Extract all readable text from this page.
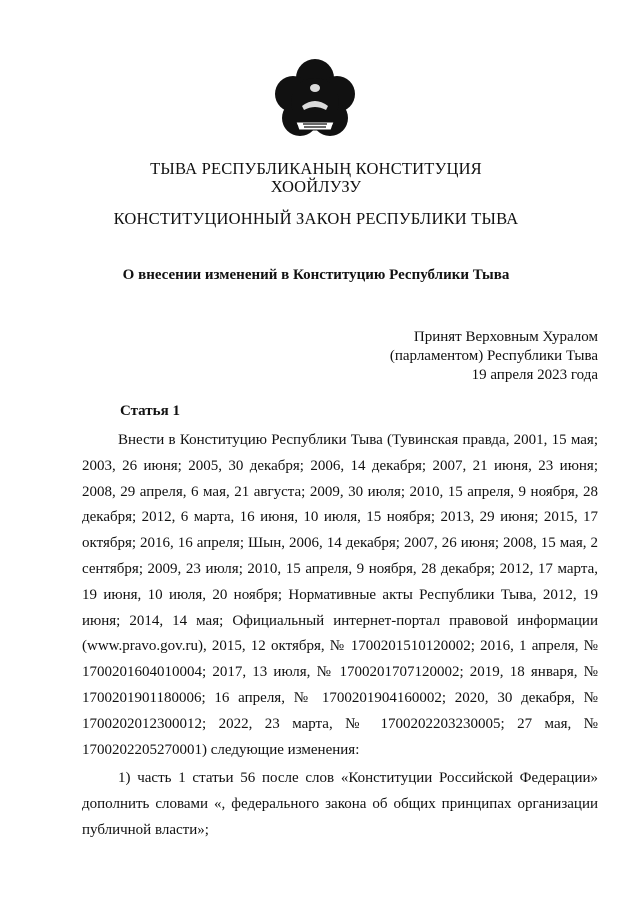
ТЫВА РЕСПУБЛИКАНЫҢ КОНСТИТУЦИЯ
ХООЙЛУЗУ
КОНСТИТУЦИОННЫЙ ЗАКОН РЕСПУБЛИКИ ТЫВА
О внесении изменений в Конституцию Республики Тыва
Принят Верховным Хуралом
(парламентом) Республики Тыва
19 апреля 2023 года
Статья 1

Внести в Конституцию Республики Тыва (Тувинская правда, 2001, 15 мая; 2003, 26 июня; 2005, 30 декабря; 2006, 14 декабря; 2007, 21 июня, 23 июня; 2008, 29 апреля, 6 мая, 21 августа; 2009, 30 июля; 2010, 15 апреля, 9 ноября, 28 декабря; 2012, 6 марта, 16 июня, 10 июля, 15 ноября; 2013, 29 июня; 2015, 17 октября; 2016, 16 апреля; Шын, 2006, 14 декабря; 2007, 26 июня; 2008, 15 мая, 2 сентября; 2009, 23 июля; 2010, 15 апреля, 9 ноября, 28 декабря; 2012, 17 марта, 19 июня, 10 июля, 20 ноября; Нормативные акты Республики Тыва, 2012, 19 июня; 2014, 14 мая; Официальный интернет-портал правовой информации (www.pravo.gov.ru), 2015, 12 октября, № 1700201510120002; 2016, 1 апреля, № 1700201604010004; 2017, 13 июля, № 1700201707120002; 2019, 18 января, № 1700201901180006; 16 апреля, № 1700201904160002; 2020, 30 декабря, № 1700202012300012; 2022, 23 марта, № 1700202203230005; 27 мая, № 1700202205270001) следующие изменения:

1) часть 1 статьи 56 после слов «Конституции Российской Федерации» дополнить словами «, федерального закона об общих принципах организации публичной власти»;
